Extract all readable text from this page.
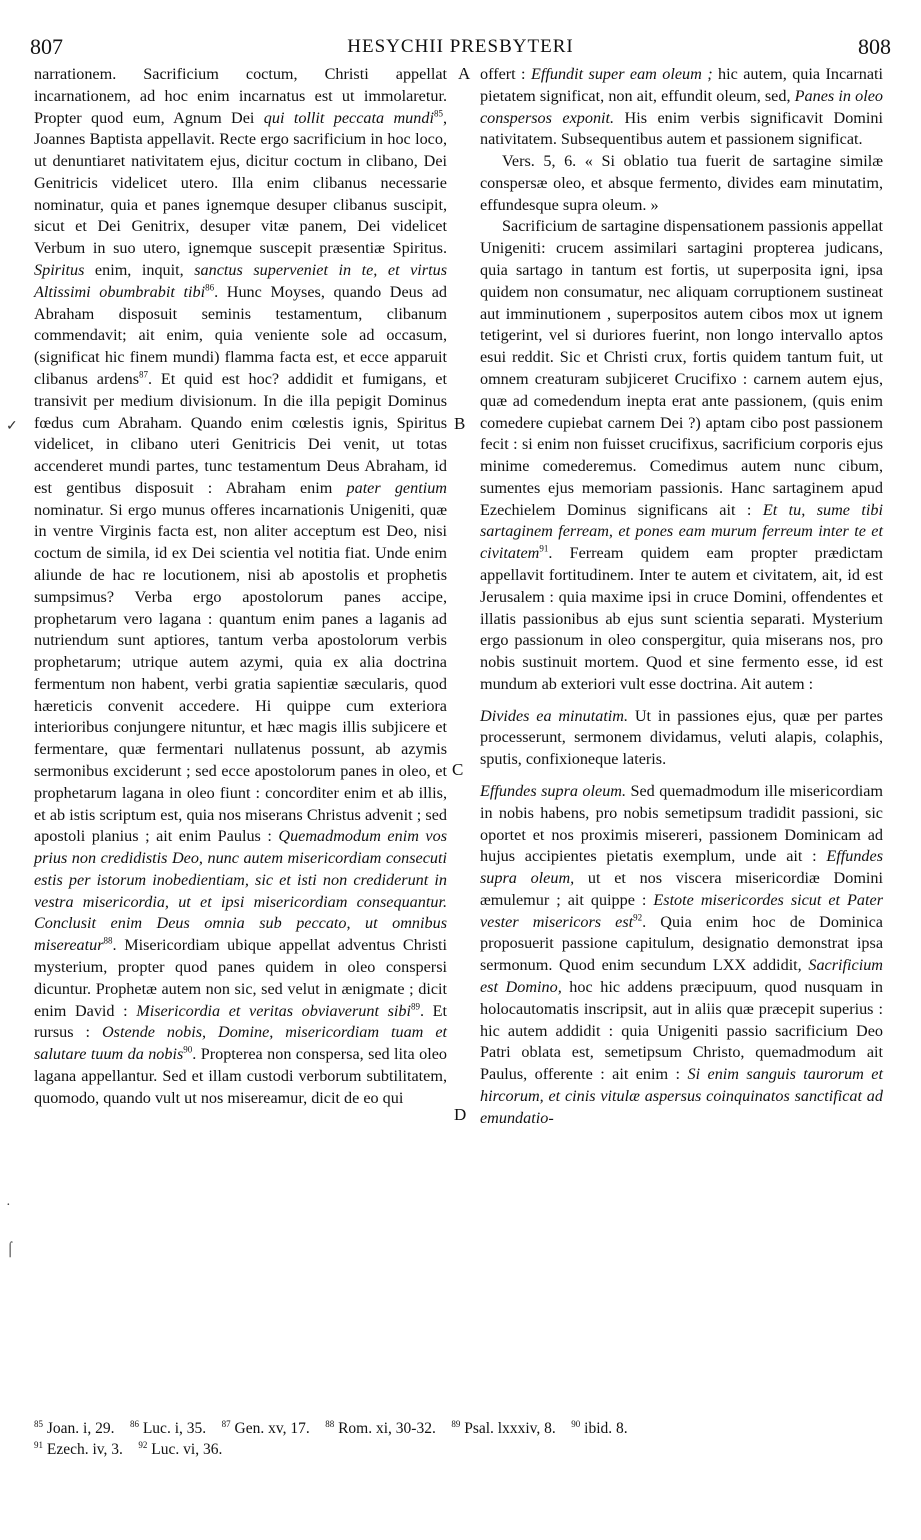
807	HESYCHII PRESBYTERI	808
A
B
C
D
✓
·
⌠

narrationem. Sacrificium coctum, Christi appellat incarnationem, ad hoc enim incarnatus est ut immolaretur. Propter quod eum, Agnum Dei qui tollit peccata mundi$^{85}$, Joannes Baptista appellavit. Recte ergo sacrificium in hoc loco, ut denuntiaret nativitatem ejus, dicitur coctum in clibano, Dei Genitricis videlicet utero. Illa enim clibanus necessarie nominatur, quia et panes ignemque desuper clibanus suscipit, sicut et Dei Genitrix, desuper vitæ panem, Dei videlicet Verbum in suo utero, ignemque suscepit præsentiæ Spiritus. Spiritus enim, inquit, sanctus superveniet in te, et virtus Altissimi obumbrabit tibi$^{86}$. Hunc Moyses, quando Deus ad Abraham disposuit seminis testamentum, clibanum commendavit; ait enim, quia veniente sole ad occasum, (significat hic finem mundi) flamma facta est, et ecce apparuit clibanus ardens$^{87}$. Et quid est hoc? addidit et fumigans, et transivit per medium divisionum. In die illa pepigit Dominus fœdus cum Abraham. Quando enim cœlestis ignis, Spiritus videlicet, in clibano uteri Genitricis Dei venit, ut totas accenderet mundi partes, tunc testamentum Deus Abraham, id est gentibus disposuit : Abraham enim pater gentium nominatur. Si ergo munus offeres incarnationis Unigeniti, quæ in ventre Virginis facta est, non aliter acceptum est Deo, nisi coctum de simila, id ex Dei scientia vel notitia fiat. Unde enim aliunde de hac re locutionem, nisi ab apostolis et prophetis sumpsimus? Verba ergo apostolorum panes accipe, prophetarum vero lagana : quantum enim panes a laganis ad nutriendum sunt aptiores, tantum verba apostolorum verbis prophetarum; utrique autem azymi, quia ex alia doctrina fermentum non habent, verbi gratia sapientiæ sæcularis, quod hæreticis convenit accedere. Hi quippe cum exteriora interioribus conjungere nituntur, et hæc magis illis subjicere et fermentare, quæ fermentari nullatenus possunt, ab azymis sermonibus exciderunt ; sed ecce apostolorum panes in oleo, et prophetarum lagana in oleo fiunt : concorditer enim et ab illis, et ab istis scriptum est, quia nos miserans Christus advenit ; sed apostoli planius ; ait enim Paulus : Quemadmodum enim vos prius non credidistis Deo, nunc autem misericordiam consecuti estis per istorum inobedientiam, sic et isti non crediderunt in vestra misericordia, ut et ipsi misericordiam consequantur. Conclusit enim Deus omnia sub peccato, ut omnibus misereatur$^{88}$. Misericordiam ubique appellat adventus Christi mysterium, propter quod panes quidem in oleo conspersi dicuntur. Prophetæ autem non sic, sed velut in ænigmate ; dicit enim David : Misericordia et veritas obviaverunt sibi$^{89}$. Et rursus : Ostende nobis, Domine, misericordiam tuam et salutare tuum da nobis$^{90}$. Propterea non conspersa, sed lita oleo lagana appellantur. Sed et illam custodi verborum subtilitatem, quomodo, quando vult ut nos misereamur, dicit de eo qui

offert : Effundit super eam oleum ; hic autem, quia Incarnati pietatem significat, non ait, effundit oleum, sed, Panes in oleo conspersos exponit. His enim verbis significavit Domini nativitatem. Subsequentibus autem et passionem significat.

Vers. 5, 6. « Si oblatio tua fuerit de sartagine similæ conspersæ oleo, et absque fermento, divides eam minutatim, effundesque supra oleum. »

Sacrificium de sartagine dispensationem passionis appellat Unigeniti: crucem assimilari sartagini propterea judicans, quia sartago in tantum est fortis, ut superposita igni, ipsa quidem non consumatur, nec aliquam corruptionem sustineat aut imminutionem , superpositos autem cibos mox ut ignem tetigerint, vel si duriores fuerint, non longo intervallo aptos esui reddit. Sic et Christi crux, fortis quidem tantum fuit, ut omnem creaturam subjiceret Crucifixo : carnem autem ejus, quæ ad comedendum inepta erat ante passionem, (quis enim comedere cupiebat carnem Dei ?) aptam cibo post passionem fecit : si enim non fuisset crucifixus, sacrificium corporis ejus minime comederemus. Comedimus autem nunc cibum, sumentes ejus memoriam passionis. Hanc sartaginem apud Ezechielem Dominus significans ait : Et tu, sume tibi sartaginem ferream, et pones eam murum ferreum inter te et civitatem$^{91}$. Ferream quidem eam propter prædictam appellavit fortitudinem. Inter te autem et civitatem, ait, id est Jerusalem : quia maxime ipsi in cruce Domini, offendentes et illatis passionibus ab ejus sunt scientia separati. Mysterium ergo passionum in oleo conspergitur, quia miserans nos, pro nobis sustinuit mortem. Quod et sine fermento esse, id est mundum ab exteriori vult esse doctrina. Ait autem :

Divides ea minutatim. Ut in passiones ejus, quæ per partes processerunt, sermonem dividamus, veluti alapis, colaphis, sputis, confixioneque lateris.

Effundes supra oleum. Sed quemadmodum ille misericordiam in nobis habens, pro nobis semetipsum tradidit passioni, sic oportet et nos proximis misereri, passionem Dominicam ad hujus accipientes pietatis exemplum, unde ait : Effundes supra oleum, ut et nos viscera misericordiæ Domini æmulemur ; ait quippe : Estote misericordes sicut et Pater vester misericors est$^{92}$. Quia enim hoc de Dominica proposuerit passione capitulum, designatio demonstrat ipsa sermonum. Quod enim secundum LXX addidit, Sacrificium est Domino, hoc hic addens præcipuum, quod nusquam in holocautomatis inscripsit, aut in aliis quæ præcepit superius : hic autem addidit : quia Unigeniti passio sacrificium Deo Patri oblata est, semetipsum Christo, quemadmodum ait Paulus, offerente : ait enim : Si enim sanguis taurorum et hircorum, et cinis vitulæ aspersus coinquinatos sanctificat ad emundatio-

$^{85}$ Joan. i, 29.  $^{86}$ Luc. i, 35.  $^{87}$ Gen. xv, 17.  $^{88}$ Rom. xi, 30-32.  $^{89}$ Psal. lxxxiv, 8.  $^{90}$ ibid. 8.
$^{91}$ Ezech. iv, 3.  $^{92}$ Luc. vi, 36.
